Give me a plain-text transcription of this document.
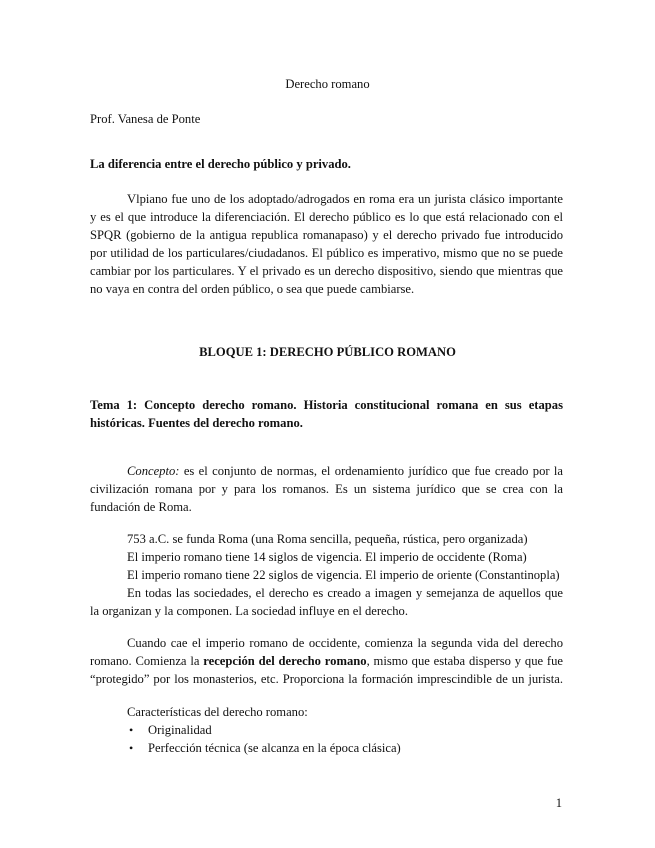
Derecho romano
Prof. Vanesa de Ponte
La diferencia entre el derecho público y privado.
Vlpiano fue uno de los adoptado/adrogados en roma era un jurista clásico importante
y es el que introduce la diferenciación. El derecho público es lo que está relacionado con el
SPQR (gobierno de la antigua republica romanapaso) y el derecho privado fue introducido
por utilidad de los particulares/ciudadanos. El público es imperativo, mismo que no se puede
cambiar por los particulares. Y el privado es un derecho dispositivo, siendo que mientras que
no vaya en contra del orden público, o sea que puede cambiarse.
BLOQUE 1: DERECHO PÚBLICO ROMANO
Tema 1: Concepto derecho romano. Historia constitucional romana en sus etapas
históricas. Fuentes del derecho romano.
Concepto: es el conjunto de normas, el ordenamiento jurídico que fue creado por la
civilización romana por y para los romanos. Es un sistema jurídico que se crea con la
fundación de Roma.
753 a.C. se funda Roma (una Roma sencilla, pequeña, rústica, pero organizada)
El imperio romano tiene 14 siglos de vigencia. El imperio de occidente (Roma)
El imperio romano tiene 22 siglos de vigencia. El imperio de oriente (Constantinopla)
En todas las sociedades, el derecho es creado a imagen y semejanza de aquellos que
la organizan y la componen. La sociedad influye en el derecho.
Cuando cae el imperio romano de occidente, comienza la segunda vida del derecho
romano. Comienza la recepción del derecho romano, mismo que estaba disperso y que fue
“protegido” por los monasterios, etc. Proporciona la formación imprescindible de un jurista.
Características del derecho romano:
• Originalidad
• Perfección técnica (se alcanza en la época clásica)
1
